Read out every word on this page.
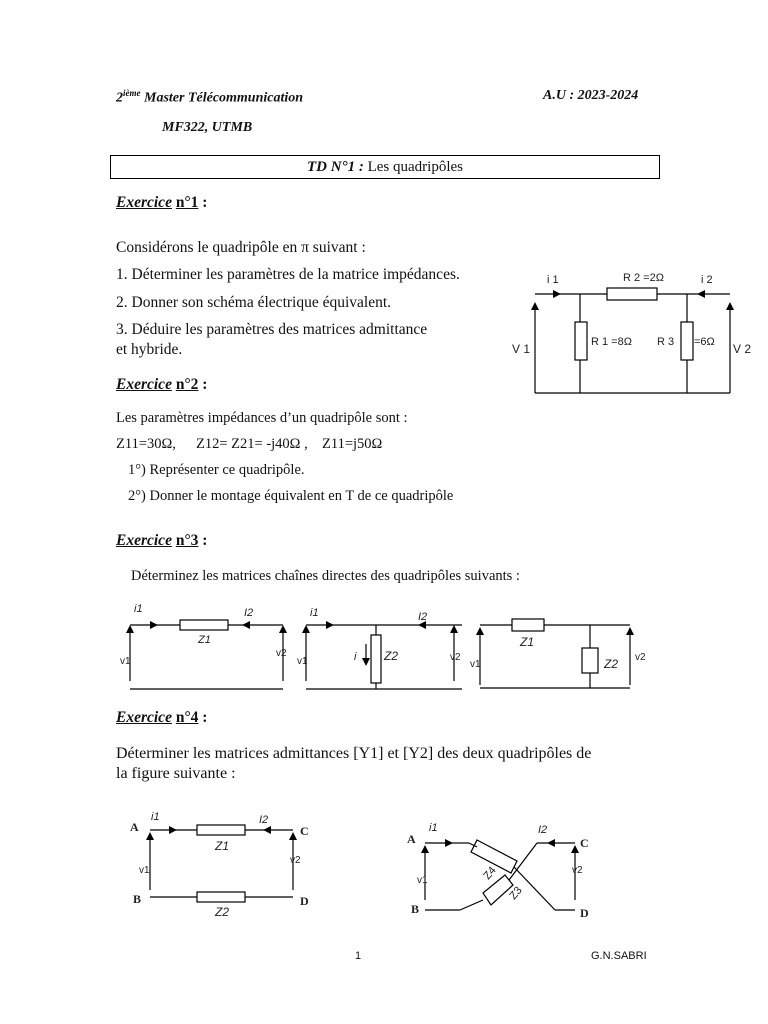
2ième Master Télécommunication	A.U : 2023-2024
MF322, UTMB
TD N°1 : Les quadripôles
Exercice n°1 :
Considérons le quadripôle en π suivant :
1. Déterminer les paramètres de la matrice impédances.
2. Donner son schéma électrique équivalent.
3. Déduire les paramètres des matrices admittance
et hybride.
i 1	i 2
R 2 =2Ω
R 1 =8Ω R 3 =6Ω
V 1	V 2
Exercice n°2 :
Les paramètres impédances d’un quadripôle sont :
Z11=30Ω, Z12= Z21= -j40Ω , Z11=j50Ω
1°) Représenter ce quadripôle.
2°) Donner le montage équivalent en T de ce quadripôle
Exercice n°3 :
Déterminez les matrices chaînes directes des quadripôles suivants :
i1	I2
Z1
v1
v2
i1	I2
i Z2
v1	v2
Z1
Z2
v1
v2
Exercice n°4 :
Déterminer les matrices admittances [Y1] et [Y2] des deux quadripôles de
la figure suivante :
A
B
C
D
i1	I2
Z1
Z2
v1
v2
A
B
C
D
i1	I2
Z4
Z3
v1
v2
1	G.N.SABRI
